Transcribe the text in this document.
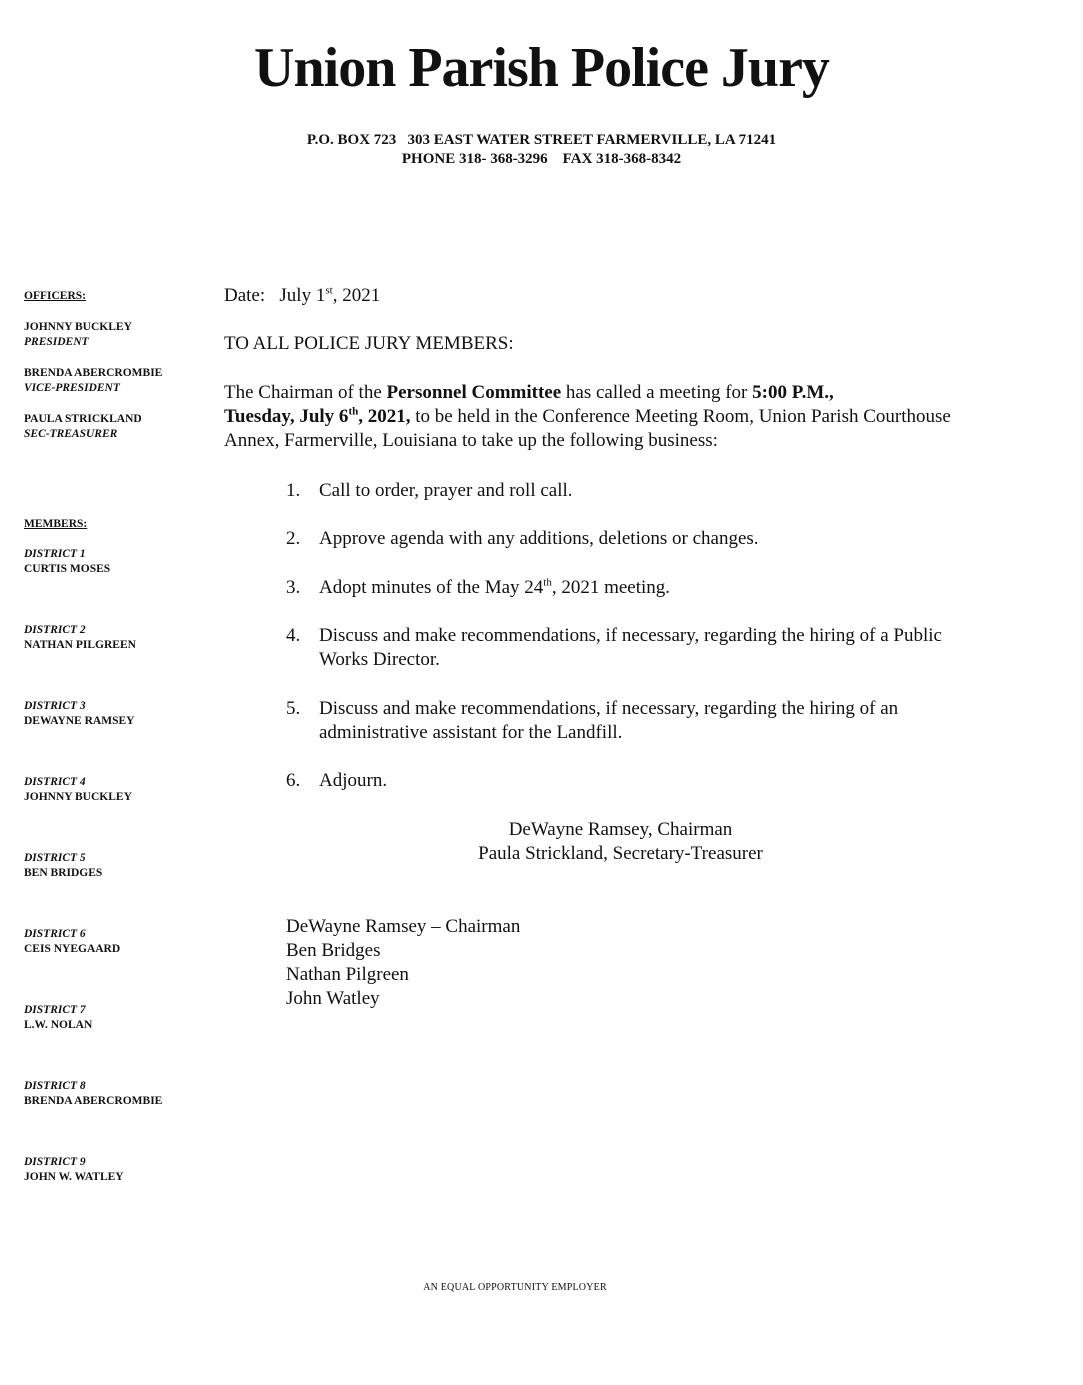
Union Parish Police Jury
P.O. BOX 723   303 EAST WATER STREET FARMERVILLE, LA 71241
PHONE 318- 368-3296    FAX 318-368-8342
OFFICERS:
JOHNNY BUCKLEY
PRESIDENT
BRENDA ABERCROMBIE
VICE-PRESIDENT
PAULA STRICKLAND
SEC-TREASURER
MEMBERS:
DISTRICT 1
CURTIS MOSES
DISTRICT 2
NATHAN PILGREEN
DISTRICT 3
DEWAYNE RAMSEY
DISTRICT 4
JOHNNY BUCKLEY
DISTRICT 5
BEN BRIDGES
DISTRICT 6
CEIS NYEGAARD
DISTRICT 7
L.W. NOLAN
DISTRICT 8
BRENDA ABERCROMBIE
DISTRICT 9
JOHN W. WATLEY
Date: July 1st, 2021
TO ALL POLICE JURY MEMBERS:

The Chairman of the Personnel Committee has called a meeting for 5:00 P.M.,
Tuesday, July 6th, 2021, to be held in the Conference Meeting Room, Union Parish Courthouse Annex, Farmerville, Louisiana to take up the following business:

1. Call to order, prayer and roll call.
2. Approve agenda with any additions, deletions or changes.
3. Adopt minutes of the May 24th, 2021 meeting.
4. Discuss and make recommendations, if necessary, regarding the hiring of a Public Works Director.
5. Discuss and make recommendations, if necessary, regarding the hiring of an administrative assistant for the Landfill.
6. Adjourn.
DeWayne Ramsey, Chairman
Paula Strickland, Secretary-Treasurer
DeWayne Ramsey – Chairman
Ben Bridges
Nathan Pilgreen
John Watley
AN EQUAL OPPORTUNITY EMPLOYER
